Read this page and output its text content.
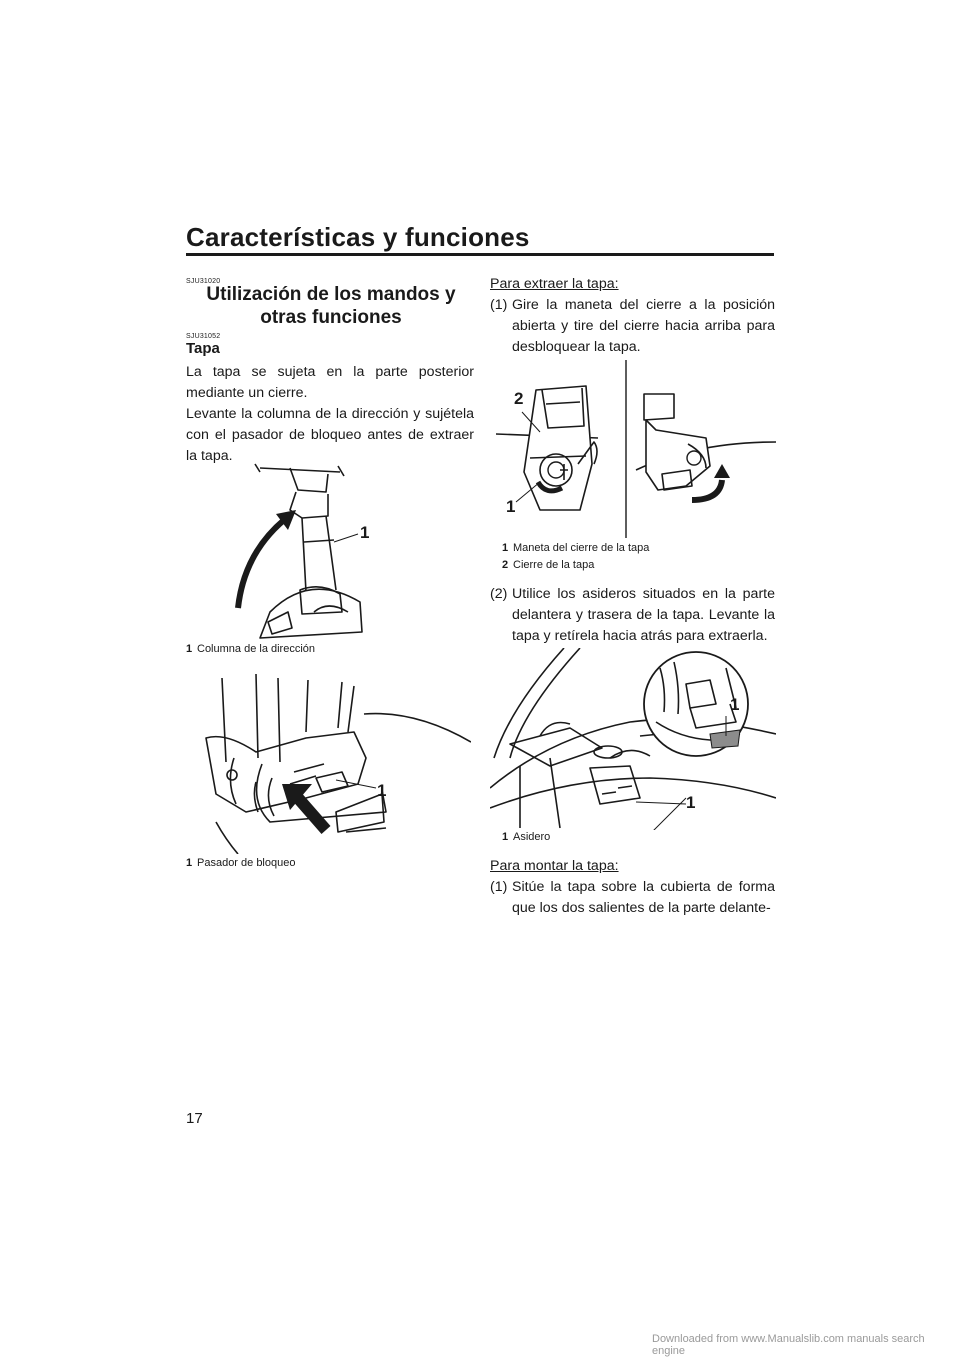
Características y funciones
SJU31020
Utilización de los mandos y otras funciones
SJU31052
Tapa
La tapa se sujeta en la parte posterior mediante un cierre.
Levante la columna de la dirección y sujétela con el pasador de bloqueo antes de extraer la tapa.
1
1 Columna de la dirección
1
1 Pasador de bloqueo
Para extraer la tapa:
(1) Gire la maneta del cierre a la posición abierta y tire del cierre hacia arriba para desbloquear la tapa.
2
1
1 Maneta del cierre de la tapa
2 Cierre de la tapa
(2) Utilice los asideros situados en la parte delantera y trasera de la tapa. Levante la tapa y retírela hacia atrás para extraerla.
1
1
1 Asidero
Para montar la tapa:
(1) Sitúe la tapa sobre la cubierta de forma que los dos salientes de la parte delante-
17
Downloaded from www.Manualslib.com manuals search engine
